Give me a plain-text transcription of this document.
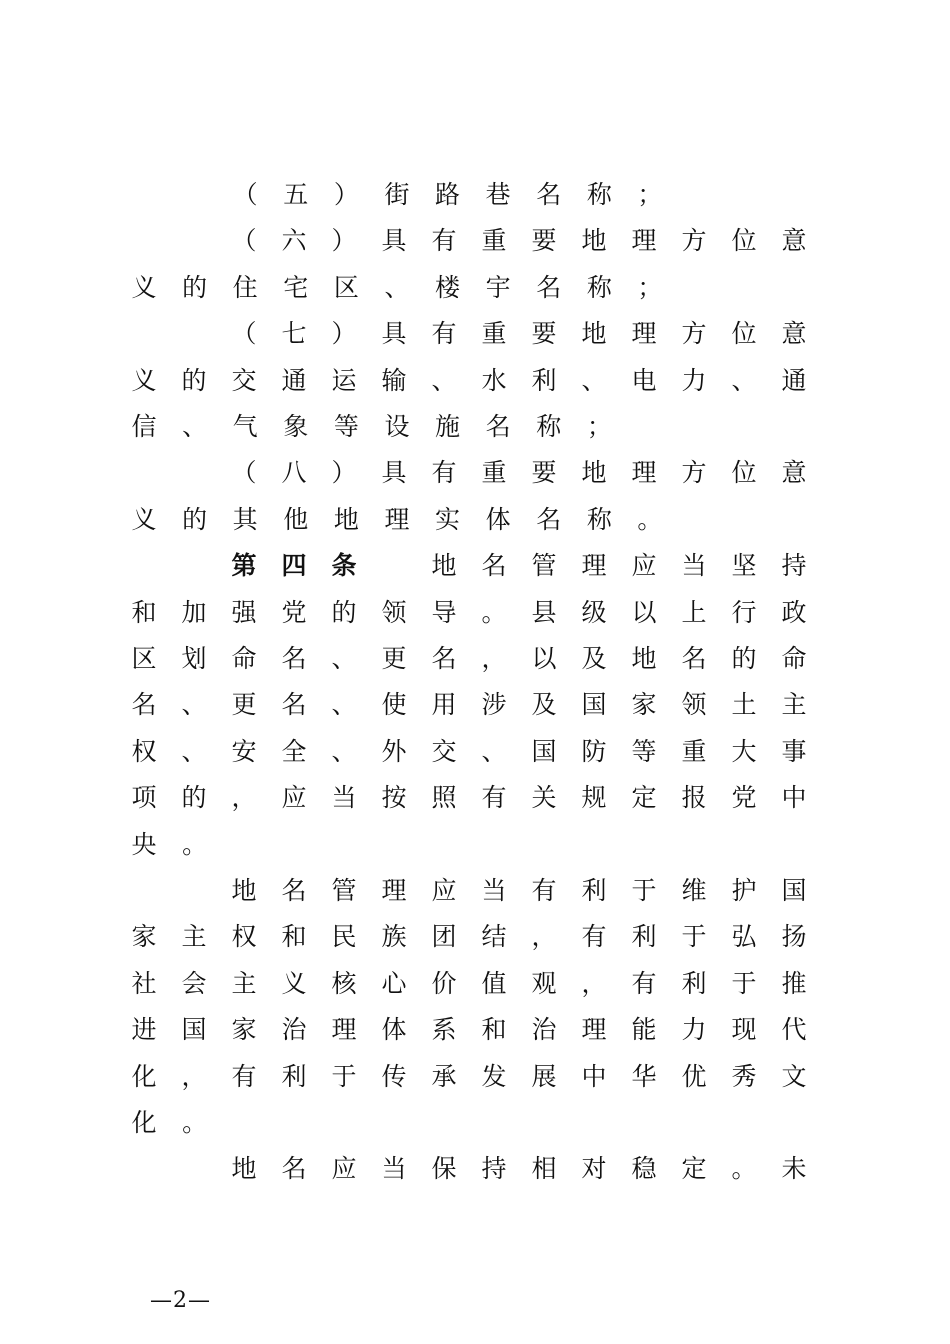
（ 五 ） 街 路 巷 名 称 ；
（ 六 ） 具 有 重 要 地 理 方 位 意
义 的 住 宅 区 、 楼 宇 名 称 ；
（ 七 ） 具 有 重 要 地 理 方 位 意
义 的 交 通 运 输 、 水 利 、 电 力 、 通
信 、 气 象 等 设 施 名 称 ；
（ 八 ） 具 有 重 要 地 理 方 位 意
义 的 其 他 地 理 实 体 名 称 。
第 四 条	地 名 管 理 应 当 坚 持
和 加 强 党 的 领 导 。 县 级 以 上 行 政
区 划 命 名 、 更 名 ， 以 及 地 名 的 命
名 、 更 名 、 使 用 涉 及 国 家 领 土 主
权 、 安 全 、 外 交 、 国 防 等 重 大 事
项 的 ， 应 当 按 照 有 关 规 定 报 党 中
央 。
地 名 管 理 应 当 有 利 于 维 护 国
家 主 权 和 民 族 团 结 ， 有 利 于 弘 扬
社 会 主 义 核 心 价 值 观 ， 有 利 于 推
进 国 家 治 理 体 系 和 治 理 能 力 现 代
化 ， 有 利 于 传 承 发 展 中 华 优 秀 文
化 。
地 名 应 当 保 持 相 对 稳 定 。 未
—2—
